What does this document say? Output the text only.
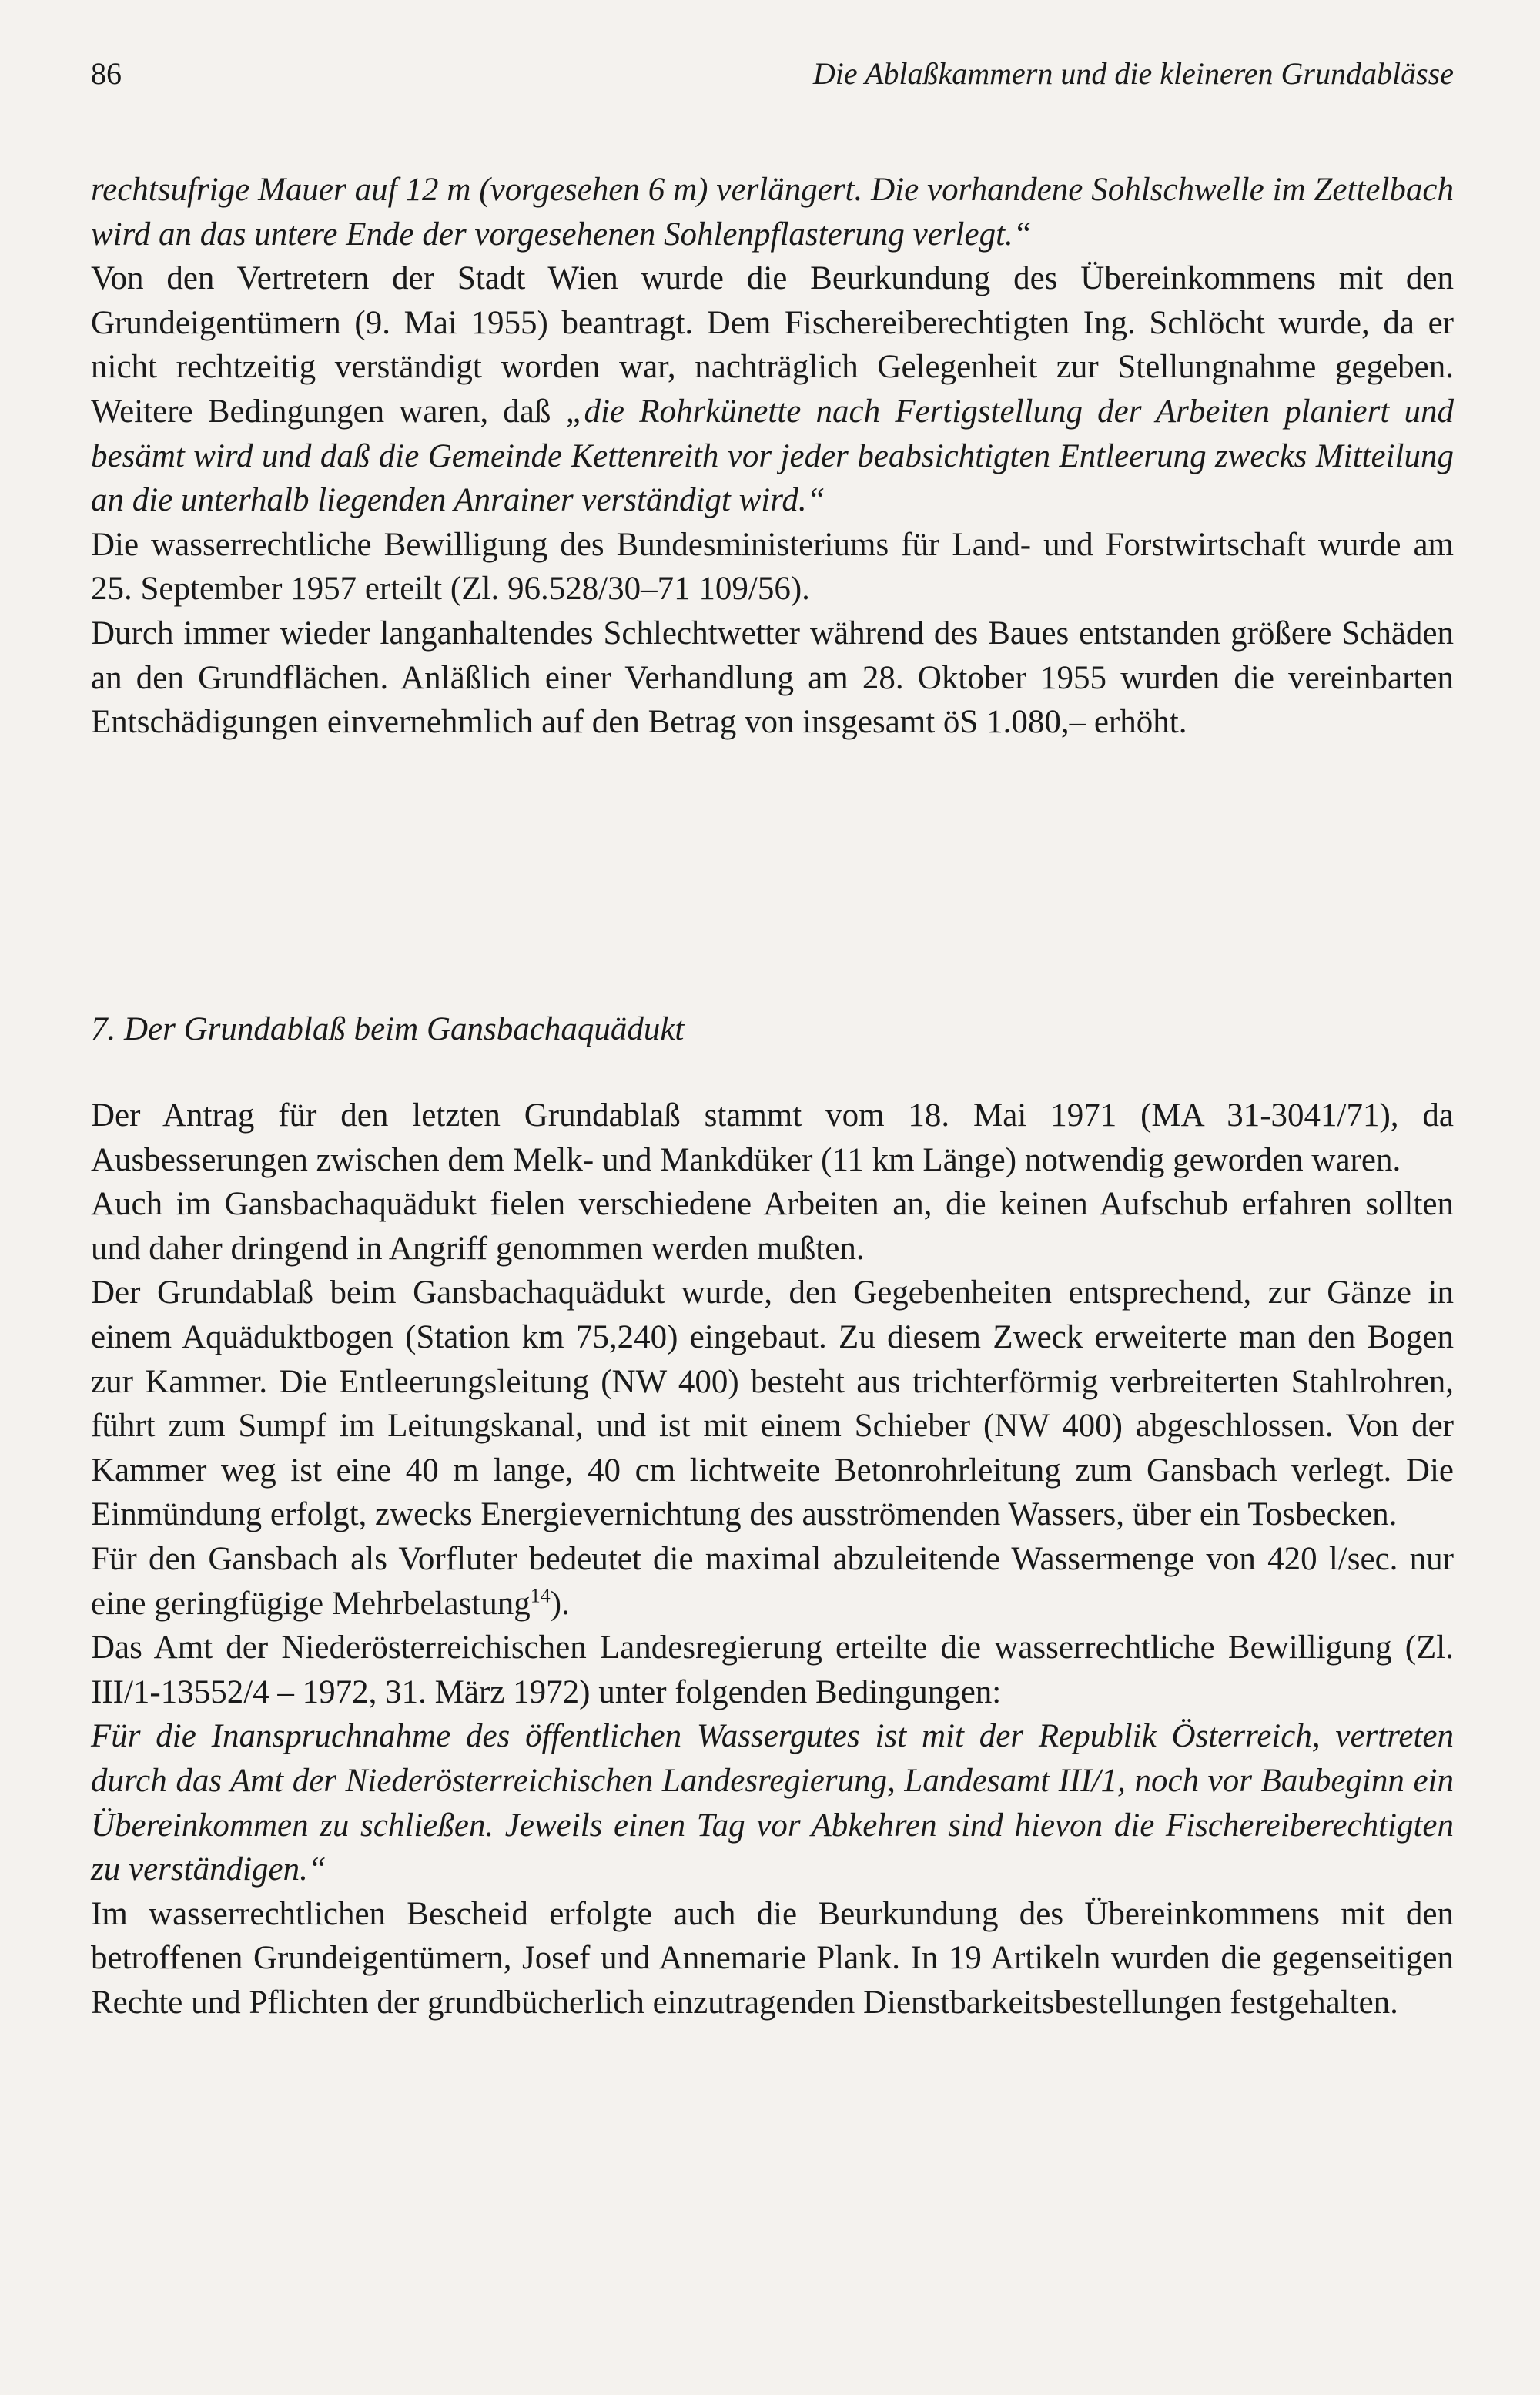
86	Die Ablaßkammern und die kleineren Grundablässe

rechtsufrige Mauer auf 12 m (vorgesehen 6 m) verlängert. Die vorhandene Sohlschwelle im Zettelbach wird an das untere Ende der vorgesehenen Sohlenpflasterung verlegt.“

Von den Vertretern der Stadt Wien wurde die Beurkundung des Übereinkommens mit den Grundeigentümern (9. Mai 1955) beantragt. Dem Fischereiberechtigten Ing. Schlöcht wurde, da er nicht rechtzeitig verständigt worden war, nachträglich Gelegenheit zur Stellungnahme gegeben. Weitere Bedingungen waren, daß „die Rohrkünette nach Fertigstellung der Arbeiten planiert und besämt wird und daß die Gemeinde Kettenreith vor jeder beabsichtigten Entleerung zwecks Mitteilung an die unterhalb liegenden Anrainer verständigt wird.“

Die wasserrechtliche Bewilligung des Bundesministeriums für Land- und Forstwirtschaft wurde am 25. September 1957 erteilt (Zl. 96.528/30–71 109/56).

Durch immer wieder langanhaltendes Schlechtwetter während des Baues entstanden größere Schäden an den Grundflächen. Anläßlich einer Verhandlung am 28. Oktober 1955 wurden die vereinbarten Entschädigungen einvernehmlich auf den Betrag von insgesamt öS 1.080,– erhöht.

7. Der Grundablaß beim Gansbachaquädukt

Der Antrag für den letzten Grundablaß stammt vom 18. Mai 1971 (MA 31-3041/71), da Ausbesserungen zwischen dem Melk- und Mankdüker (11 km Länge) notwendig geworden waren.

Auch im Gansbachaquädukt fielen verschiedene Arbeiten an, die keinen Aufschub erfahren sollten und daher dringend in Angriff genommen werden mußten.

Der Grundablaß beim Gansbachaquädukt wurde, den Gegebenheiten entsprechend, zur Gänze in einem Aquäduktbogen (Station km 75,240) eingebaut. Zu diesem Zweck erweiterte man den Bogen zur Kammer. Die Entleerungsleitung (NW 400) besteht aus trichterförmig verbreiterten Stahlrohren, führt zum Sumpf im Leitungskanal, und ist mit einem Schieber (NW 400) abgeschlossen. Von der Kammer weg ist eine 40 m lange, 40 cm lichtweite Betonrohrleitung zum Gansbach verlegt. Die Einmündung erfolgt, zwecks Energievernichtung des ausströmenden Wassers, über ein Tosbecken.

Für den Gansbach als Vorfluter bedeutet die maximal abzuleitende Wassermenge von 420 l/sec. nur eine geringfügige Mehrbelastung$^{14}$).

Das Amt der Niederösterreichischen Landesregierung erteilte die wasserrechtliche Bewilligung (Zl. III/1-13552/4 – 1972, 31. März 1972) unter folgenden Bedingungen:

Für die Inanspruchnahme des öffentlichen Wassergutes ist mit der Republik Österreich, vertreten durch das Amt der Niederösterreichischen Landesregierung, Landesamt III/1, noch vor Baubeginn ein Übereinkommen zu schließen. Jeweils einen Tag vor Abkehren sind hievon die Fischereiberechtigten zu verständigen.“

Im wasserrechtlichen Bescheid erfolgte auch die Beurkundung des Übereinkommens mit den betroffenen Grundeigentümern, Josef und Annemarie Plank. In 19 Artikeln wurden die gegenseitigen Rechte und Pflichten der grundbücherlich einzutragenden Dienstbarkeitsbestellungen festgehalten.
